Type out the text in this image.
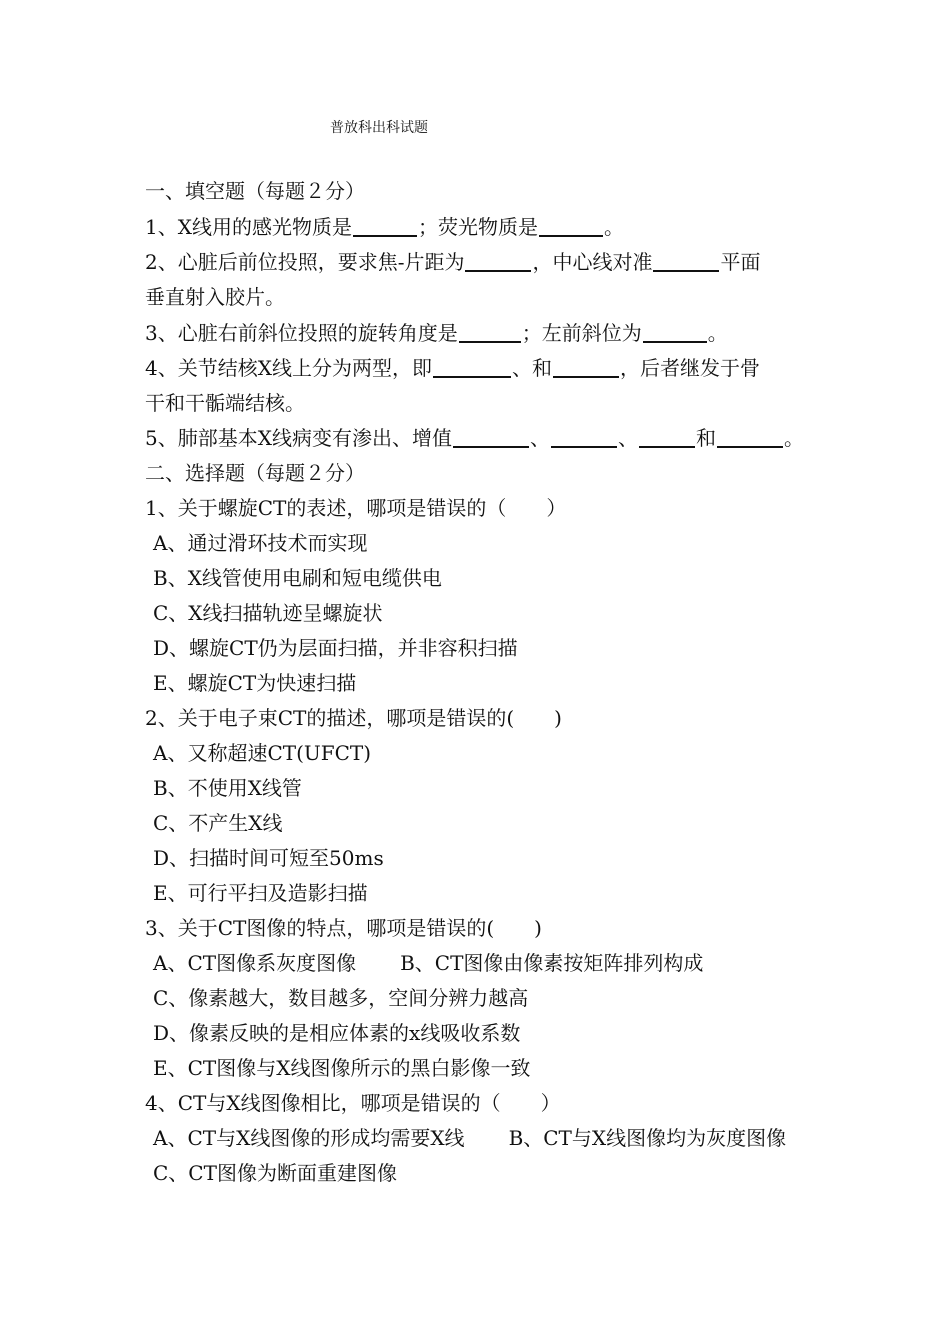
普放科出科试题
一、填空题（每题２分）
1、X线用的感光物质是	；荧光物质是	。
2、心脏后前位投照，要求焦-片距为	，中心线对准	平面
垂直射入胶片。
3、心脏右前斜位投照的旋转角度是	；左前斜位为	。
4、关节结核X线上分为两型，即	、和	，后者继发于骨
干和干骺端结核。
5、肺部基本X线病变有渗出、增值	、	、	和	。
二、选择题（每题２分）
1、关于螺旋CT的表述，哪项是错误的（　　）
A、通过滑环技术而实现
B、X线管使用电刷和短电缆供电
C、X线扫描轨迹呈螺旋状
D、螺旋CT仍为层面扫描，并非容积扫描
E、螺旋CT为快速扫描
2、关于电子束CT的描述，哪项是错误的(　　)
A、又称超速CT(UFCT)
B、不使用X线管
C、不产生X线
D、扫描时间可短至50ms
E、可行平扫及造影扫描
3、关于CT图像的特点，哪项是错误的(　　)
A、CT图像系灰度图像 B、CT图像由像素按矩阵排列构成
C、像素越大，数目越多，空间分辨力越高
D、像素反映的是相应体素的x线吸收系数
E、CT图像与X线图像所示的黑白影像一致
4、CT与X线图像相比，哪项是错误的（　　）
A、CT与X线图像的形成均需要X线 B、CT与X线图像均为灰度图像
C、CT图像为断面重建图像
